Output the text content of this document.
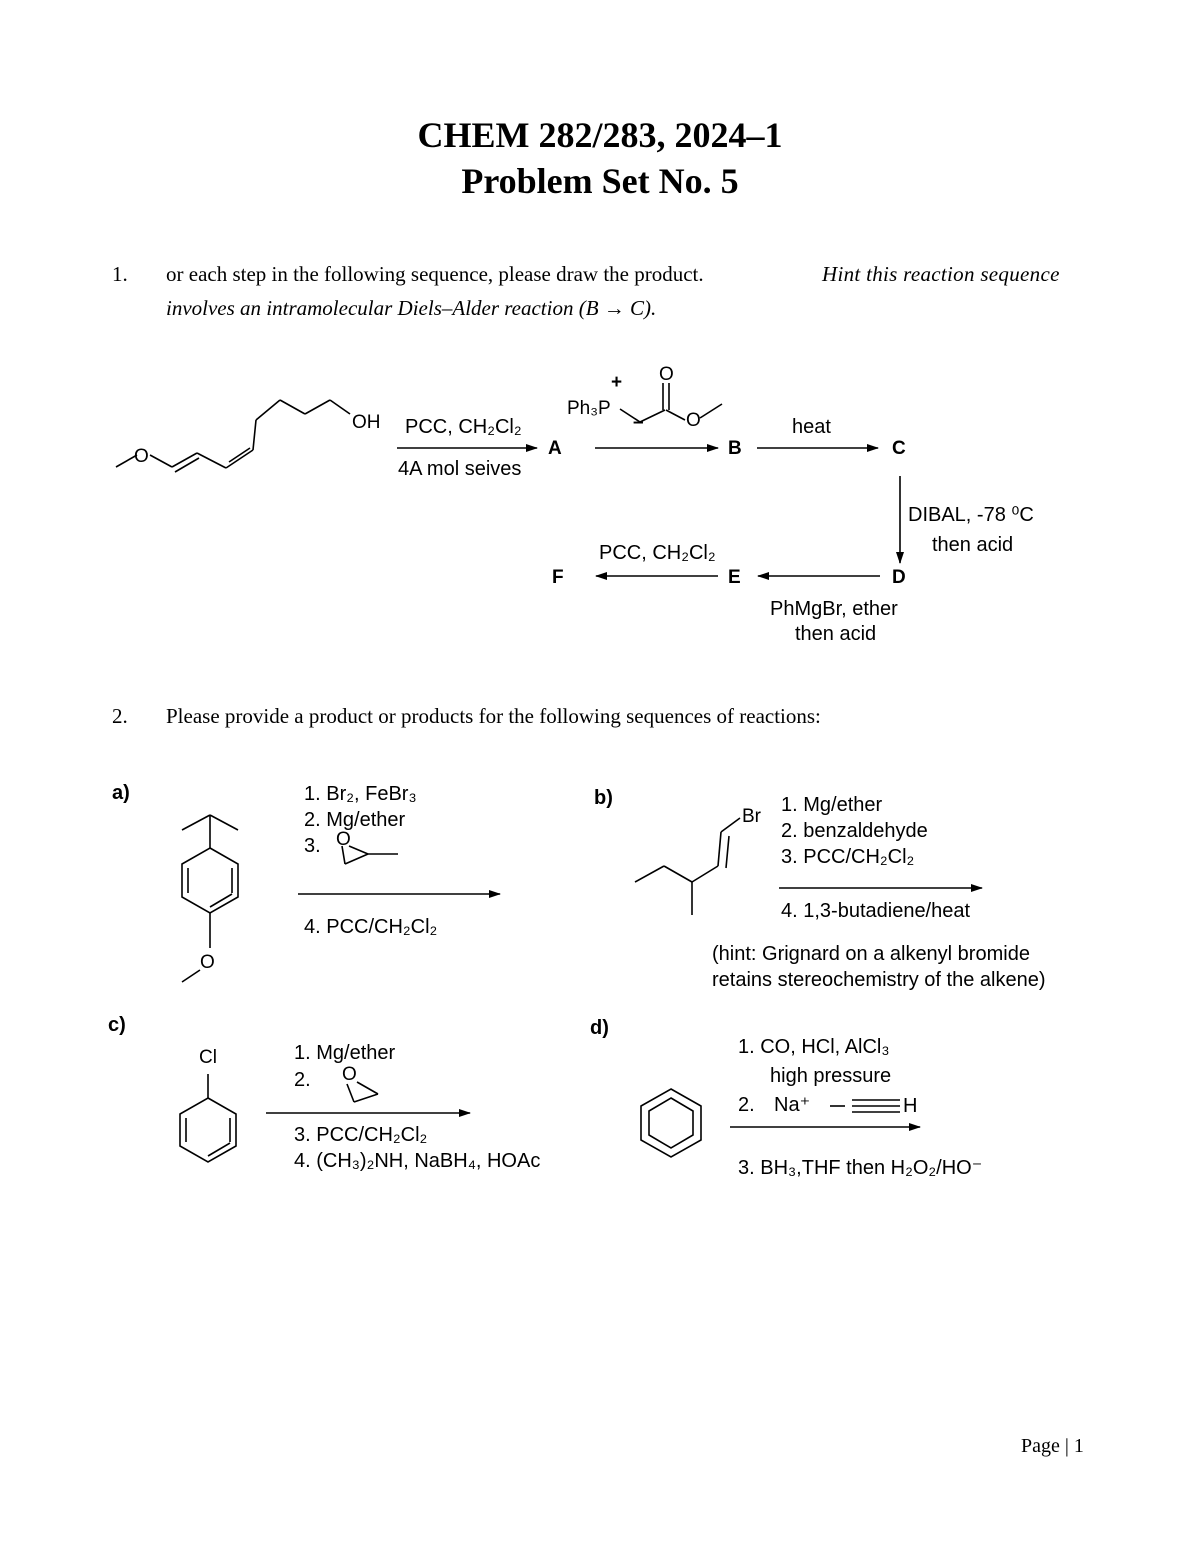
CHEM 282/283, 2024–1
Problem Set No. 5
1. or each step in the following sequence, please draw the product.	Hint this reaction sequence
involves an intramolecular Diels–Alder reaction (B → C).
O
OH PCC, CH₂Cl₂
4A mol seives
A
Ph₃P
+
–
O
O
B
heat
C
DIBAL, -78 ⁰C
then acid
D
PCC, CH₂Cl₂
E
F
PhMgBr, ether
then acid
2. Please provide a product or products for the following sequences of reactions:
a)	1. Br₂, FeBr₃
2. Mg/ether
3. O
4. PCC/CH₂Cl₂
O
b)
Br
1. Mg/ether
2. benzaldehyde
3. PCC/CH₂Cl₂
4. 1,3-butadiene/heat
(hint: Grignard on a alkenyl bromide
retains stereochemistry of the alkene)
c)
Cl	1. Mg/ether
2. O
3. PCC/CH₂Cl₂
4. (CH₃)₂NH, NaBH₄, HOAc
d)
1. CO, HCl, AlCl₃
high pressure
2. Na⁺	H
3. BH₃,THF then H₂O₂/HO⁻
Page | 1
